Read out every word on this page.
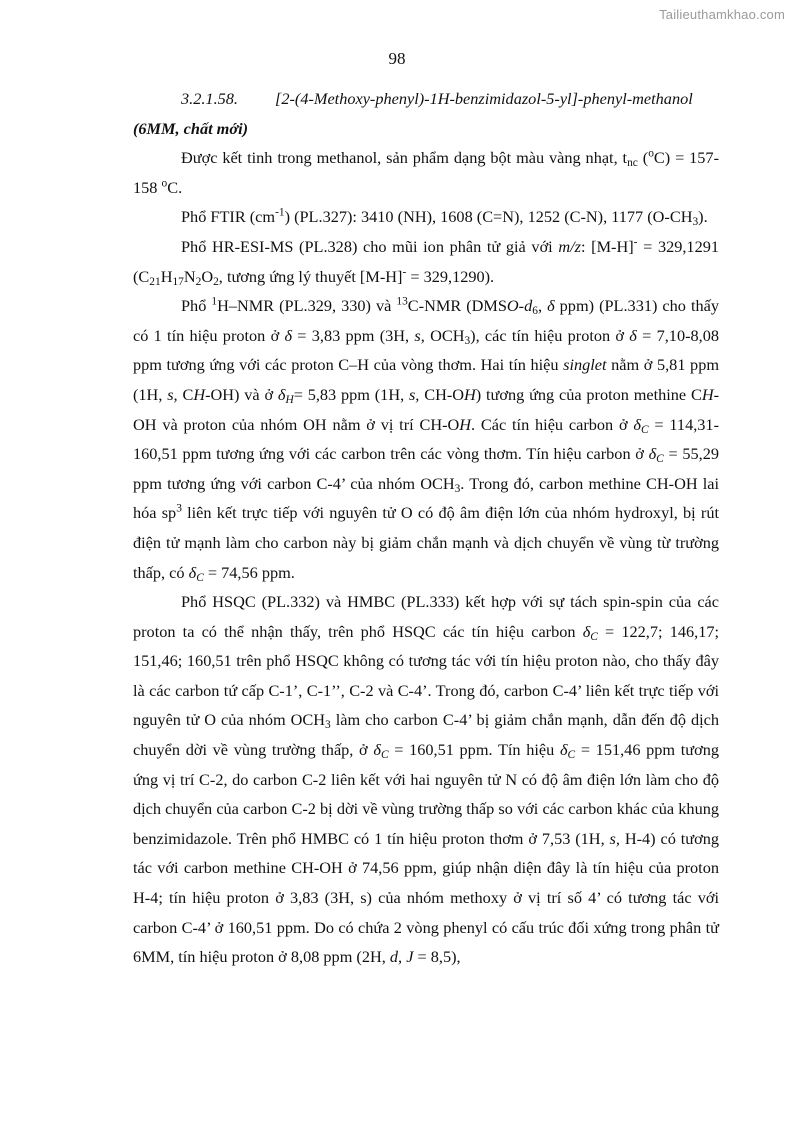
Tailieuthamkhao.com
98

3.2.1.58. [2-(4-Methoxy-phenyl)-1H-benzimidazol-5-yl]-phenyl-methanol

(6MM, chất mới)

Được kết tinh trong methanol, sản phẩm dạng bột màu vàng nhạt, $t_{nc}$ ($^o$C) = 157-158 $^o$C.

Phổ FTIR $(cm^{-1})$ (PL.327): 3410 (NH), 1608 (C=N), 1252 (C-N), 1177 $(O-CH_3)$.

Phổ HR-ESI-MS (PL.328) cho mũi ion phân tử giả với m/z: [M-H]- = 329,1291 ($C_{21}H_{17}N_2O_2$, tương ứng lý thuyết [M-H]- = 329,1290).

Phổ $^1$H–NMR (PL.329, 330) và $^{13}$C-NMR ($DMSO-d_6$, δ ppm) (PL.331) cho thấy có 1 tín hiệu proton ở δ = 3,83 ppm (3H, s, $OCH_3$), các tín hiệu proton ở δ = 7,10-8,08 ppm tương ứng với các proton C–H của vòng thơm. Hai tín hiệu singlet nằm ở 5,81 ppm (1H, s, CH-OH) và ở $\delta_H= 5,83$ ppm (1H, s, CH-OH) tương ứng của proton methine CH-OH và proton của nhóm OH nằm ở vị trí CH-OH. Các tín hiệu carbon ở $\delta_C = 114,31-160,51$ ppm tương ứng với các carbon trên các vòng thơm. Tín hiệu carbon ở $\delta_C = 55,29$ ppm tương ứng với carbon C-4’ của nhóm $OCH_3$. Trong đó, carbon methine CH-OH lai hóa $sp^3$ liên kết trực tiếp với nguyên tử O có độ âm điện lớn của nhóm hydroxyl, bị rút điện tử mạnh làm cho carbon này bị giảm chắn mạnh và dịch chuyển về vùng từ trường thấp, có $\delta_C = 74,56$ ppm.

Phổ HSQC (PL.332) và HMBC (PL.333) kết hợp với sự tách spin-spin của các proton ta có thể nhận thấy, trên phổ HSQC các tín hiệu carbon $\delta_C = 122,7$; 146,17; 151,46; 160,51 trên phổ HSQC không có tương tác với tín hiệu proton nào, cho thấy đây là các carbon tứ cấp C-1’, C-1’’, C-2 và C-4’. Trong đó, carbon C-4’ liên kết trực tiếp với nguyên tử O của nhóm $OCH_3$ làm cho carbon C-4’ bị giảm chắn mạnh, dẫn đến độ dịch chuyển dời về vùng trường thấp, ở $\delta_C = 160,51$ ppm. Tín hiệu $\delta_C = 151,46$ ppm tương ứng vị trí C-2, do carbon C-2 liên kết với hai nguyên tử N có độ âm điện lớn làm cho độ dịch chuyển của carbon C-2 bị dời về vùng trường thấp so với các carbon khác của khung benzimidazole. Trên phổ HMBC có 1 tín hiệu proton thơm ở 7,53 (1H, s, H-4) có tương tác với carbon methine CH-OH ở 74,56 ppm, giúp nhận diện đây là tín hiệu của proton H-4; tín hiệu proton ở 3,83 (3H, s) của nhóm methoxy ở vị trí số 4’ có tương tác với carbon C-4’ ở 160,51 ppm. Do có chứa 2 vòng phenyl có cấu trúc đối xứng trong phân tử 6MM, tín hiệu proton ở 8,08 ppm (2H, d, J = 8,5),
